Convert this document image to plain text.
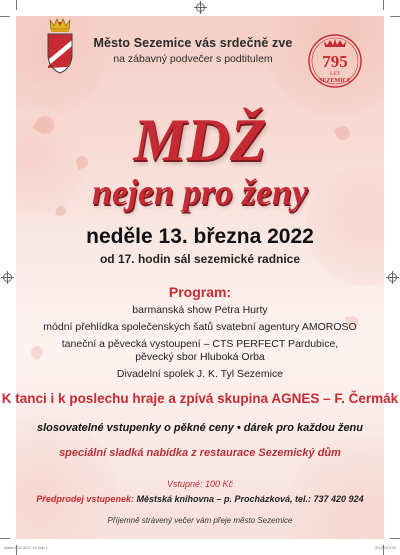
Město Sezemice vás srdečně zve
na zábavný podvečer s podtitulem	795
LET
SEZEMICE
MDŽ
nejen pro ženy
neděle 13. března 2022
od 17. hodin sál sezemické radnice
Program:
barmanská show Petra Hurty
módní přehlídka společenských šatů svatební agentury AMOROSO
taneční a pěvecká vystoupení – CTS PERFECT Pardubice,
pěvecký sbor Hluboká Orba
Divadelní spolek J. K. Tyl Sezemice
K tanci i k poslechu hraje a zpívá skupina AGNES – F. Čermák
slosovatelné vstupenky o pěkné ceny • dárek pro každou ženu
speciální sladká nabídka z restaurace Sezemický dům
Vstupné: 100 Kč
Předprodej vstupenek: Městská knihovna – p. Procházková, tel.: 737 420 924
Příjemně strávený večer vám přeje město Sezemice
plakat MDZ 2022_A3.indd 1	09.02.22 9:06
